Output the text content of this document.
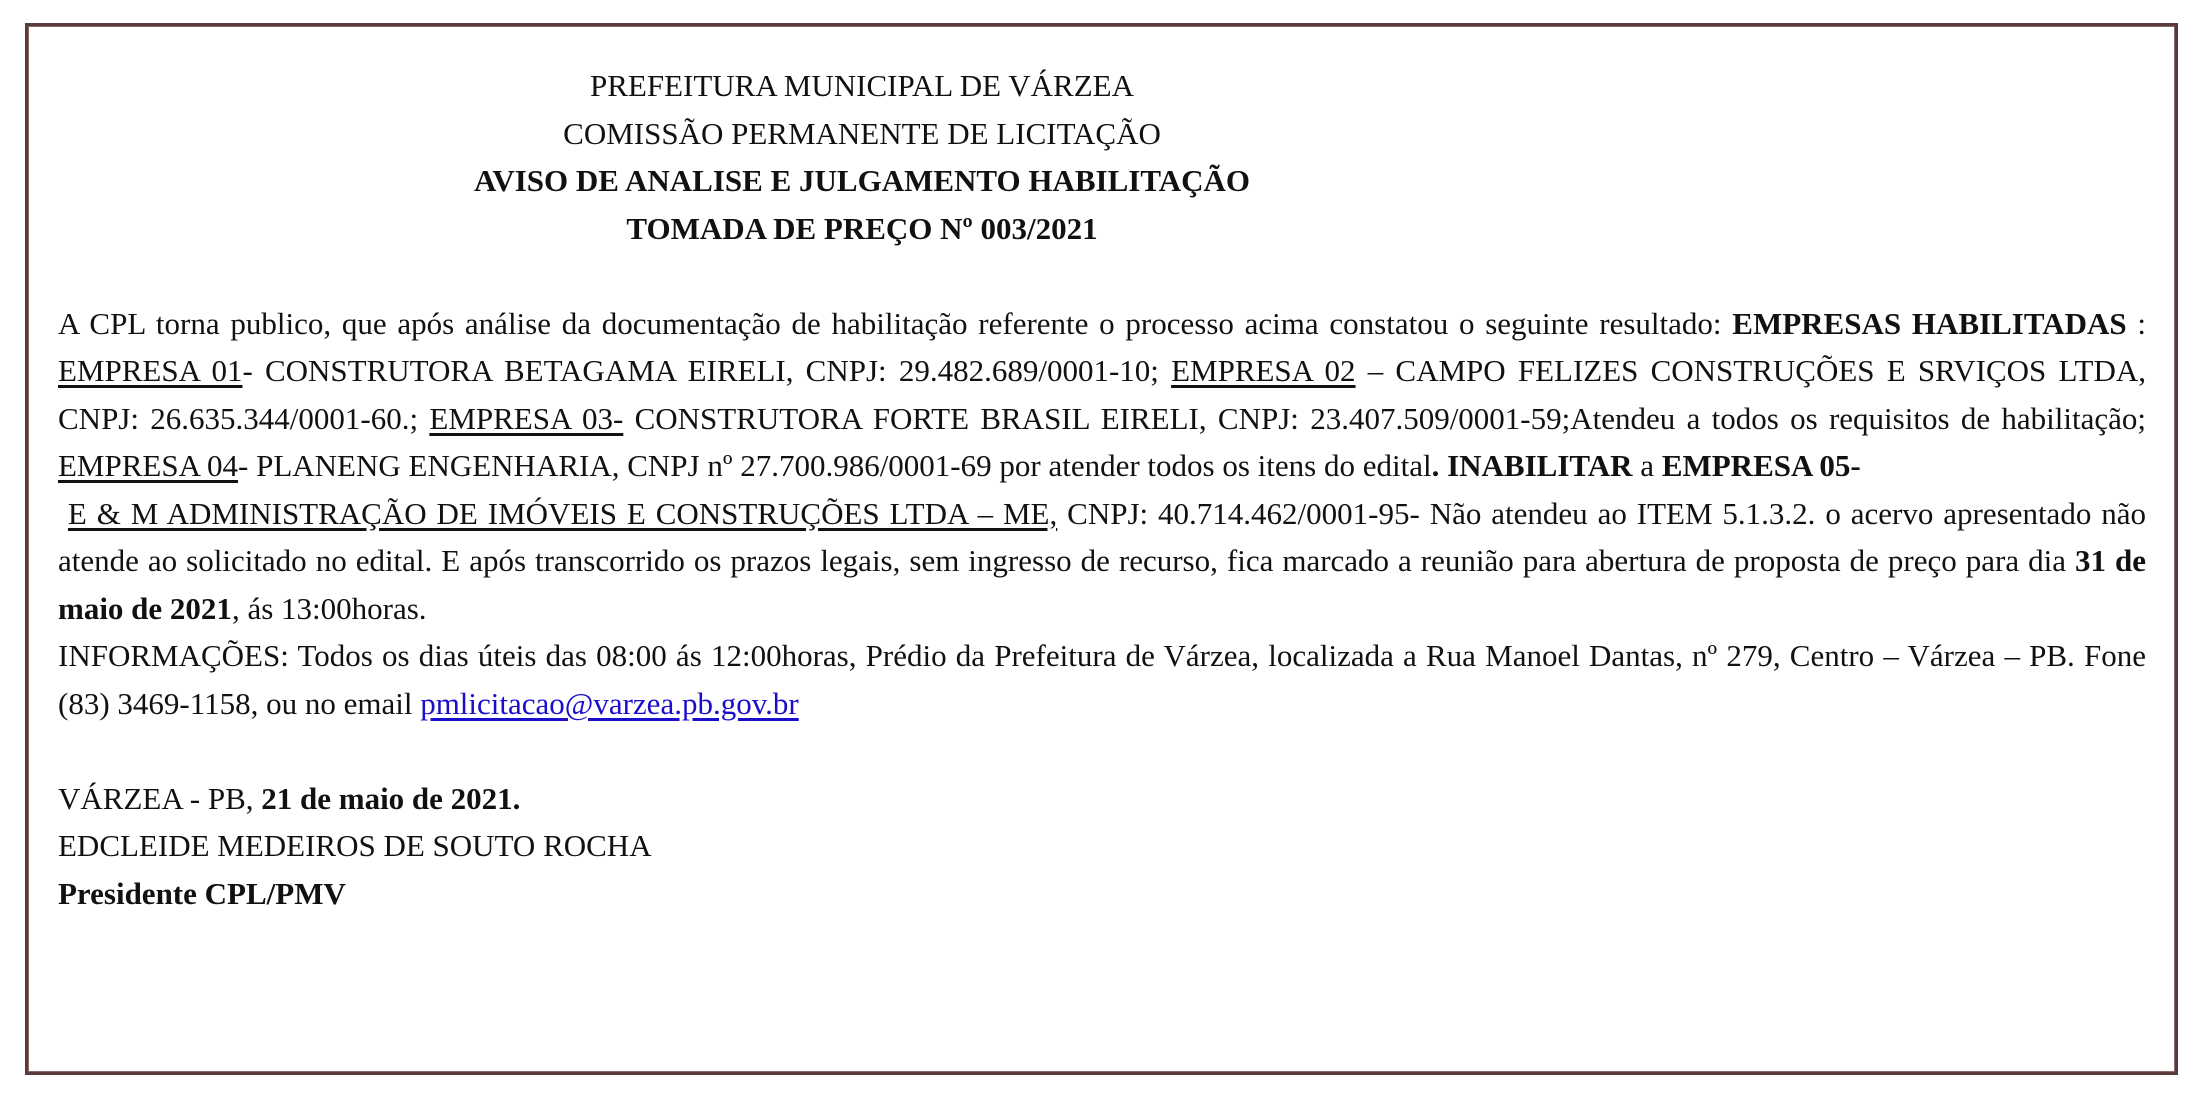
PREFEITURA MUNICIPAL DE VÁRZEA
COMISSÃO PERMANENTE DE LICITAÇÃO
AVISO DE ANALISE E JULGAMENTO HABILITAÇÃO
TOMADA DE PREÇO Nº 003/2021

A CPL torna publico, que após análise da documentação de habilitação referente o processo acima constatou o seguinte resultado: EMPRESAS HABILITADAS : EMPRESA 01- CONSTRUTORA BETAGAMA EIRELI, CNPJ: 29.482.689/0001-10; EMPRESA 02 – CAMPO FELIZES CONSTRUÇÕES E SRVIÇOS LTDA, CNPJ: 26.635.344/0001-60.; EMPRESA 03- CONSTRUTORA FORTE BRASIL EIRELI, CNPJ: 23.407.509/0001-59;Atendeu a todos os requisitos de habilitação; EMPRESA 04- PLANENG ENGENHARIA, CNPJ nº 27.700.986/0001-69 por atender todos os itens do edital. INABILITAR a EMPRESA 05-

E & M ADMINISTRAÇÃO DE IMÓVEIS E CONSTRUÇÕES LTDA – ME, CNPJ: 40.714.462/0001-95- Não atendeu ao ITEM 5.1.3.2. o acervo apresentado não atende ao solicitado no edital. E após transcorrido os prazos legais, sem ingresso de recurso, fica marcado a reunião para abertura de proposta de preço para dia 31 de maio de 2021, ás 13:00horas.

INFORMAÇÕES: Todos os dias úteis das 08:00 ás 12:00horas, Prédio da Prefeitura de Várzea, localizada a Rua Manoel Dantas, nº 279, Centro – Várzea – PB. Fone (83) 3469-1158, ou no email pmlicitacao@varzea.pb.gov.br

VÁRZEA - PB, 21 de maio de 2021.
EDCLEIDE MEDEIROS DE SOUTO ROCHA
Presidente CPL/PMV
